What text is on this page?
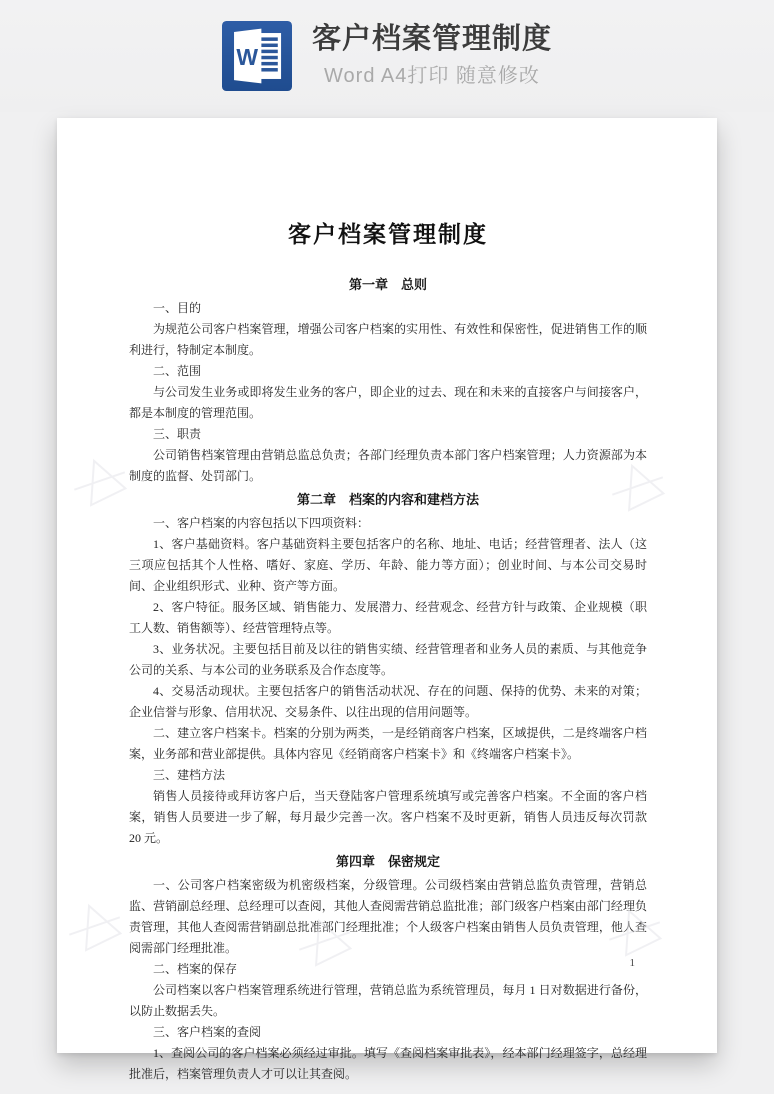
W
客户档案管理制度
Word A4打印 随意修改
客户档案管理制度
第一章　总则

一、目的

为规范公司客户档案管理，增强公司客户档案的实用性、有效性和保密性，促进销售工作的顺利进行，特制定本制度。

二、范围

与公司发生业务或即将发生业务的客户，即企业的过去、现在和未来的直接客户与间接客户，都是本制度的管理范围。

三、职责

公司销售档案管理由营销总监总负责；各部门经理负责本部门客户档案管理；人力资源部为本制度的监督、处罚部门。

第二章　档案的内容和建档方法

一、客户档案的内容包括以下四项资料：

1、客户基础资料。客户基础资料主要包括客户的名称、地址、电话；经营管理者、法人（这三项应包括其个人性格、嗜好、家庭、学历、年龄、能力等方面）；创业时间、与本公司交易时间、企业组织形式、业种、资产等方面。

2、客户特征。服务区域、销售能力、发展潜力、经营观念、经营方针与政策、企业规模（职工人数、销售额等）、经营管理特点等。

3、业务状况。主要包括目前及以往的销售实绩、经营管理者和业务人员的素质、与其他竞争公司的关系、与本公司的业务联系及合作态度等。

4、交易活动现状。主要包括客户的销售活动状况、存在的问题、保持的优势、未来的对策；企业信誉与形象、信用状况、交易条件、以往出现的信用问题等。

二、建立客户档案卡。档案的分别为两类，一是经销商客户档案，区域提供，二是终端客户档案，业务部和营业部提供。具体内容见《经销商客户档案卡》和《终端客户档案卡》。

三、建档方法

销售人员接待或拜访客户后，当天登陆客户管理系统填写或完善客户档案。不全面的客户档案，销售人员要进一步了解，每月最少完善一次。客户档案不及时更新，销售人员违反每次罚款 20 元。

第四章　保密规定

一、公司客户档案密级为机密级档案，分级管理。公司级档案由营销总监负责管理，营销总监、营销副总经理、总经理可以查阅，其他人查阅需营销总监批准；部门级客户档案由部门经理负责管理，其他人查阅需营销副总批准部门经理批准；个人级客户档案由销售人员负责管理，他人查阅需部门经理批准。

二、档案的保存

公司档案以客户档案管理系统进行管理，营销总监为系统管理员，每月 1 日对数据进行备份，以防止数据丢失。

三、客户档案的查阅

1、查阅公司的客户档案必须经过审批。填写《查阅档案审批表》，经本部门经理签字，总经理批准后，档案管理负责人才可以让其查阅。

1
